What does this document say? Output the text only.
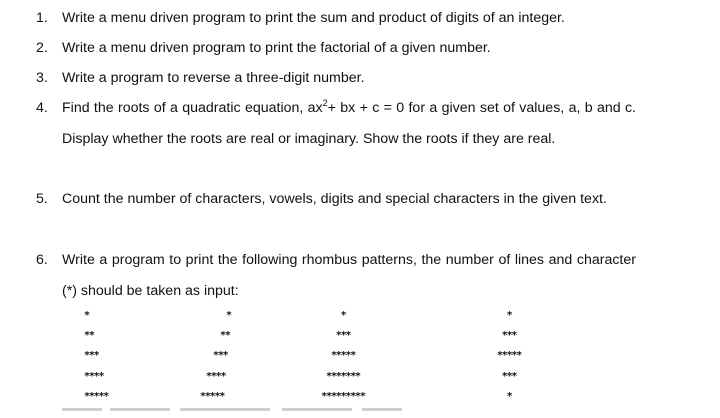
1. Write a menu driven program to print the sum and product of digits of an integer.
2. Write a menu driven program to print the factorial of a given number.
3. Write a program to reverse a three-digit number.
4. Find the roots of a quadratic equation, $ax^2+$ bx + c = 0 for a given set of values, a, b and c. Display whether the roots are real or imaginary. Show the roots if they are real.
5. Count the number of characters, vowels, digits and special characters in the given text.
6. Write a program to print the following rhombus patterns, the number of lines and character (*) should be taken as input:
*
**
***
****
*****
*
**
***
****
*****
*
***
*****
*******
*********
*
***
*****
***
*
